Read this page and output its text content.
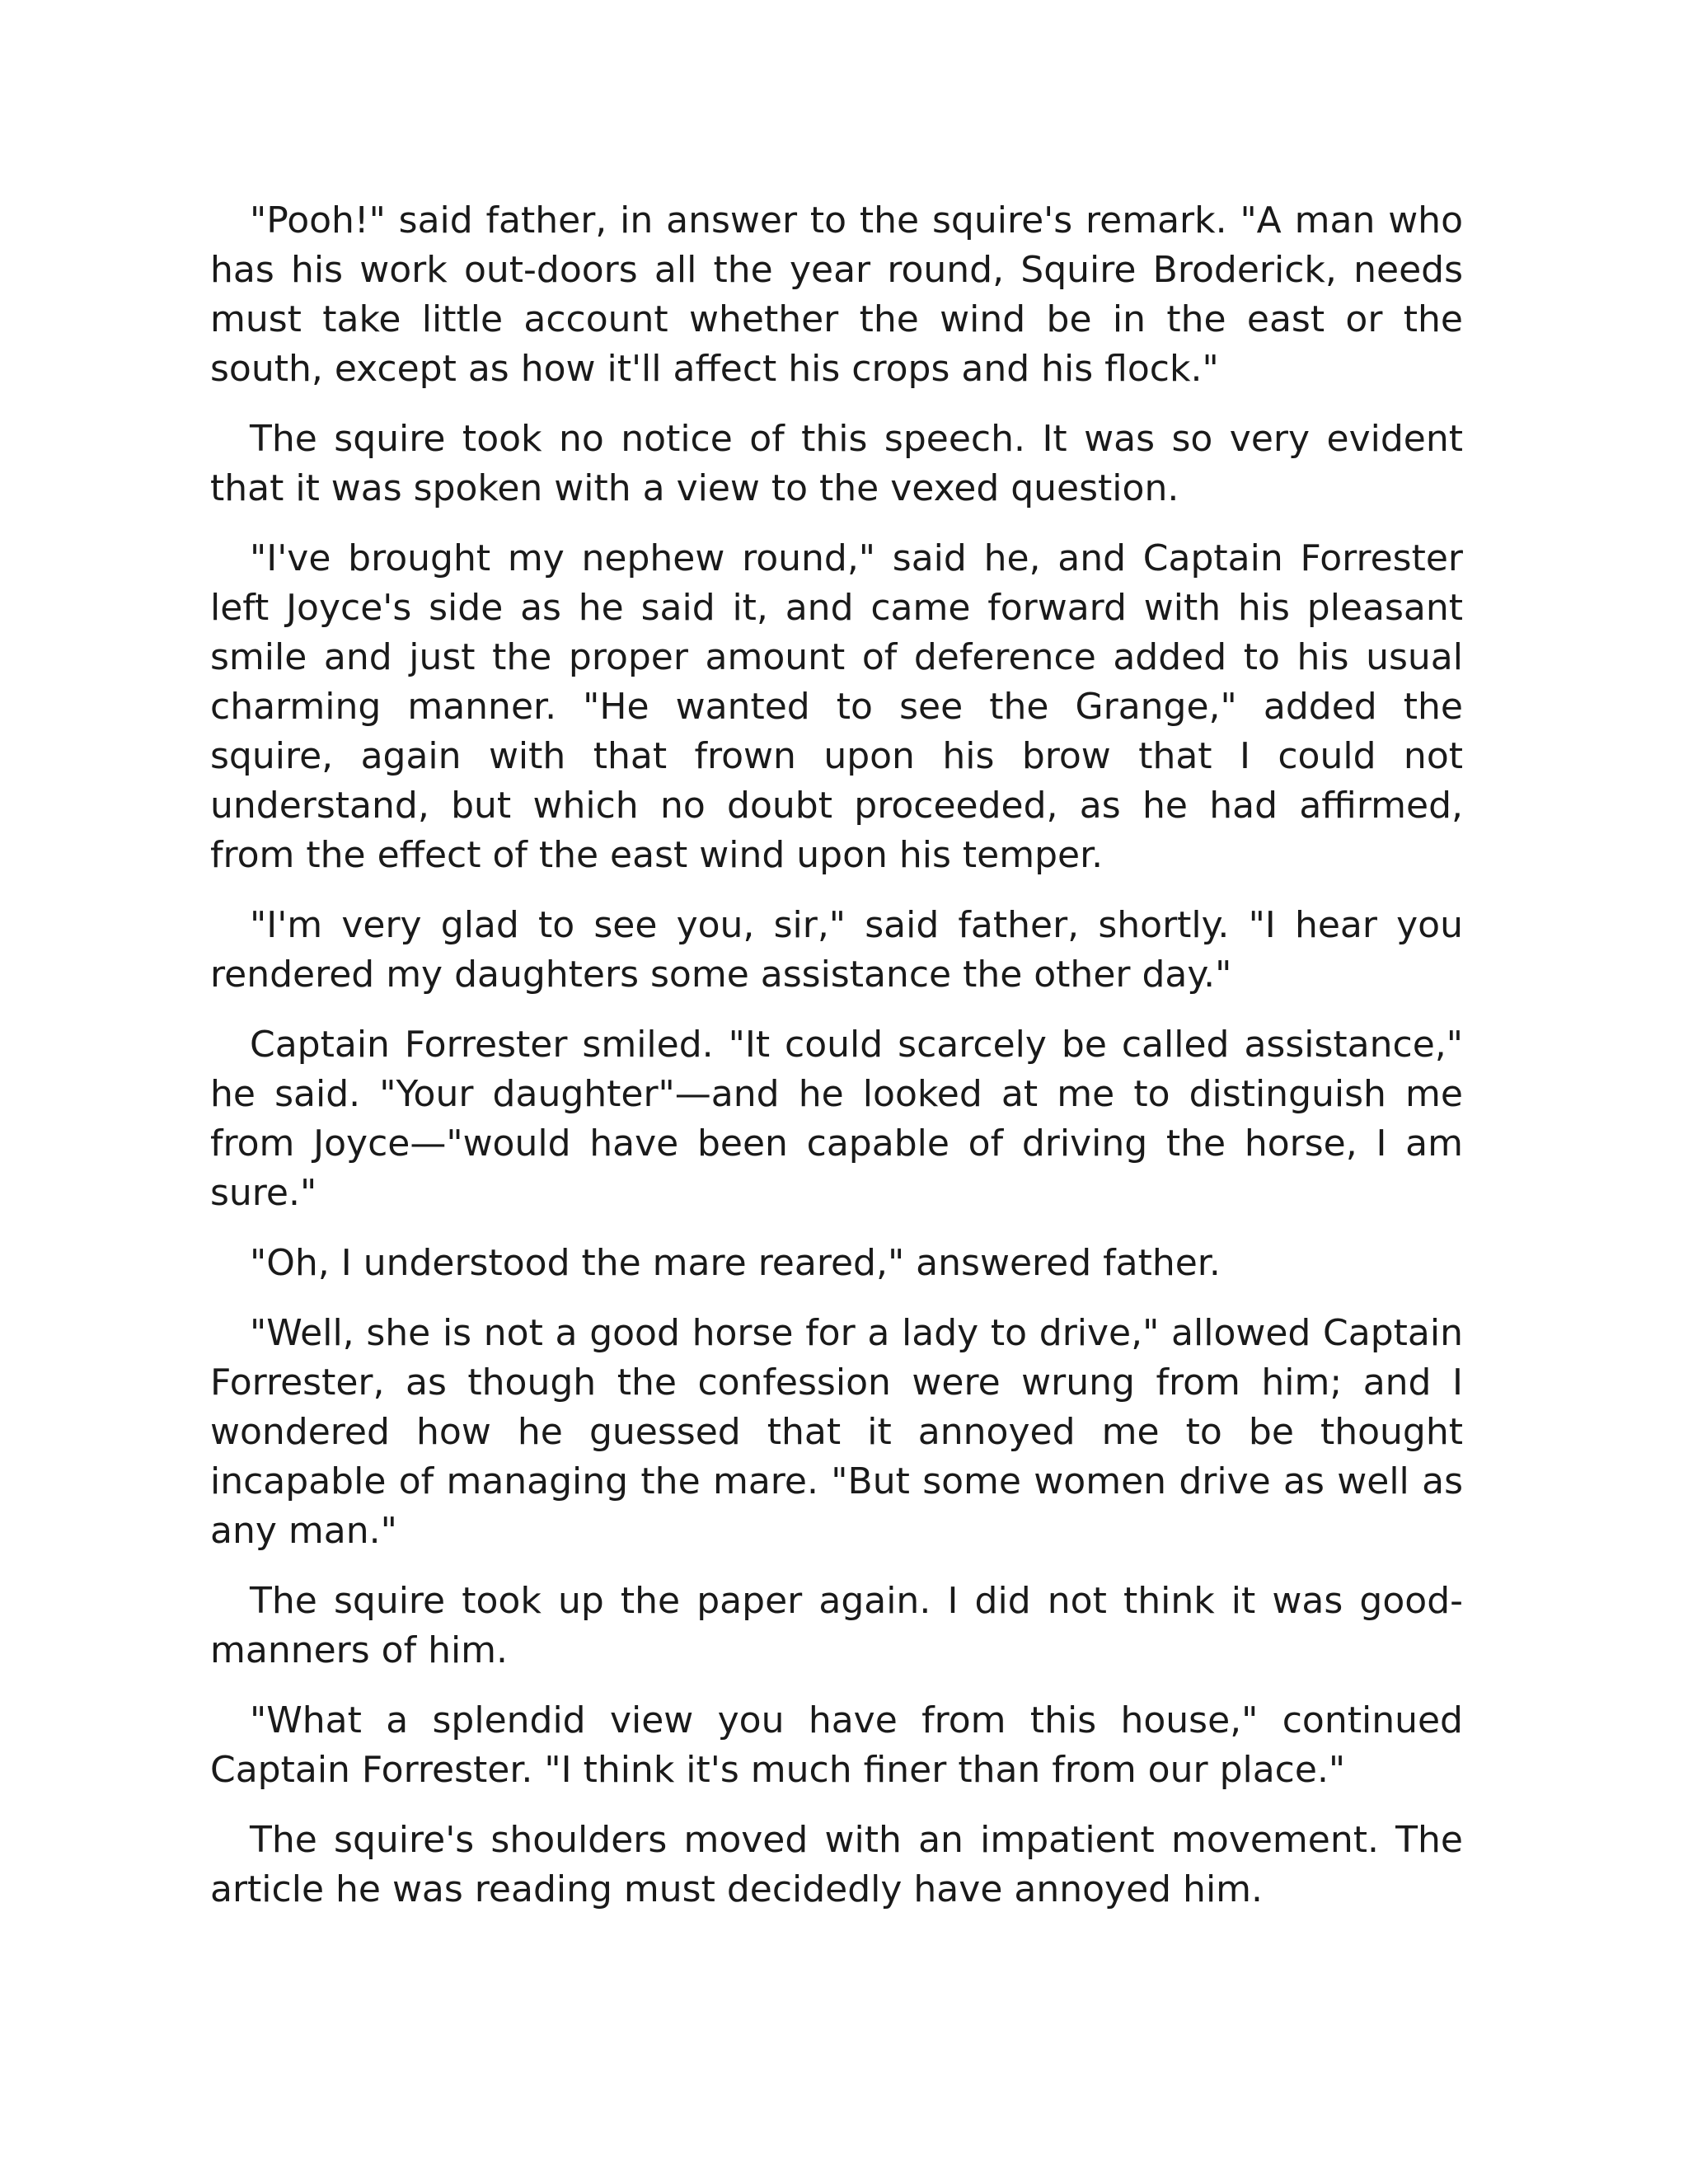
"Pooh!" said father, in answer to the squire's remark. "A man who has his work out-doors all the year round, Squire Broderick, needs must take little account whether the wind be in the east or the south, except as how it'll affect his crops and his flock."

The squire took no notice of this speech. It was so very evident that it was spoken with a view to the vexed question.

"I've brought my nephew round," said he, and Captain Forrester left Joyce's side as he said it, and came forward with his pleasant smile and just the proper amount of deference added to his usual charming manner. "He wanted to see the Grange," added the squire, again with that frown upon his brow that I could not understand, but which no doubt proceeded, as he had affirmed, from the effect of the east wind upon his temper.

"I'm very glad to see you, sir," said father, shortly. "I hear you rendered my daughters some assistance the other day."

Captain Forrester smiled. "It could scarcely be called assistance," he said. "Your daughter"—and he looked at me to distinguish me from Joyce—"would have been capable of driving the horse, I am sure."

"Oh, I understood the mare reared," answered father.

"Well, she is not a good horse for a lady to drive," allowed Captain Forrester, as though the confession were wrung from him; and I wondered how he guessed that it annoyed me to be thought incapable of managing the mare. "But some women drive as well as any man."

The squire took up the paper again. I did not think it was good-manners of him.

"What a splendid view you have from this house," continued Captain Forrester. "I think it's much finer than from our place."

The squire's shoulders moved with an impatient movement. The article he was reading must decidedly have annoyed him.
